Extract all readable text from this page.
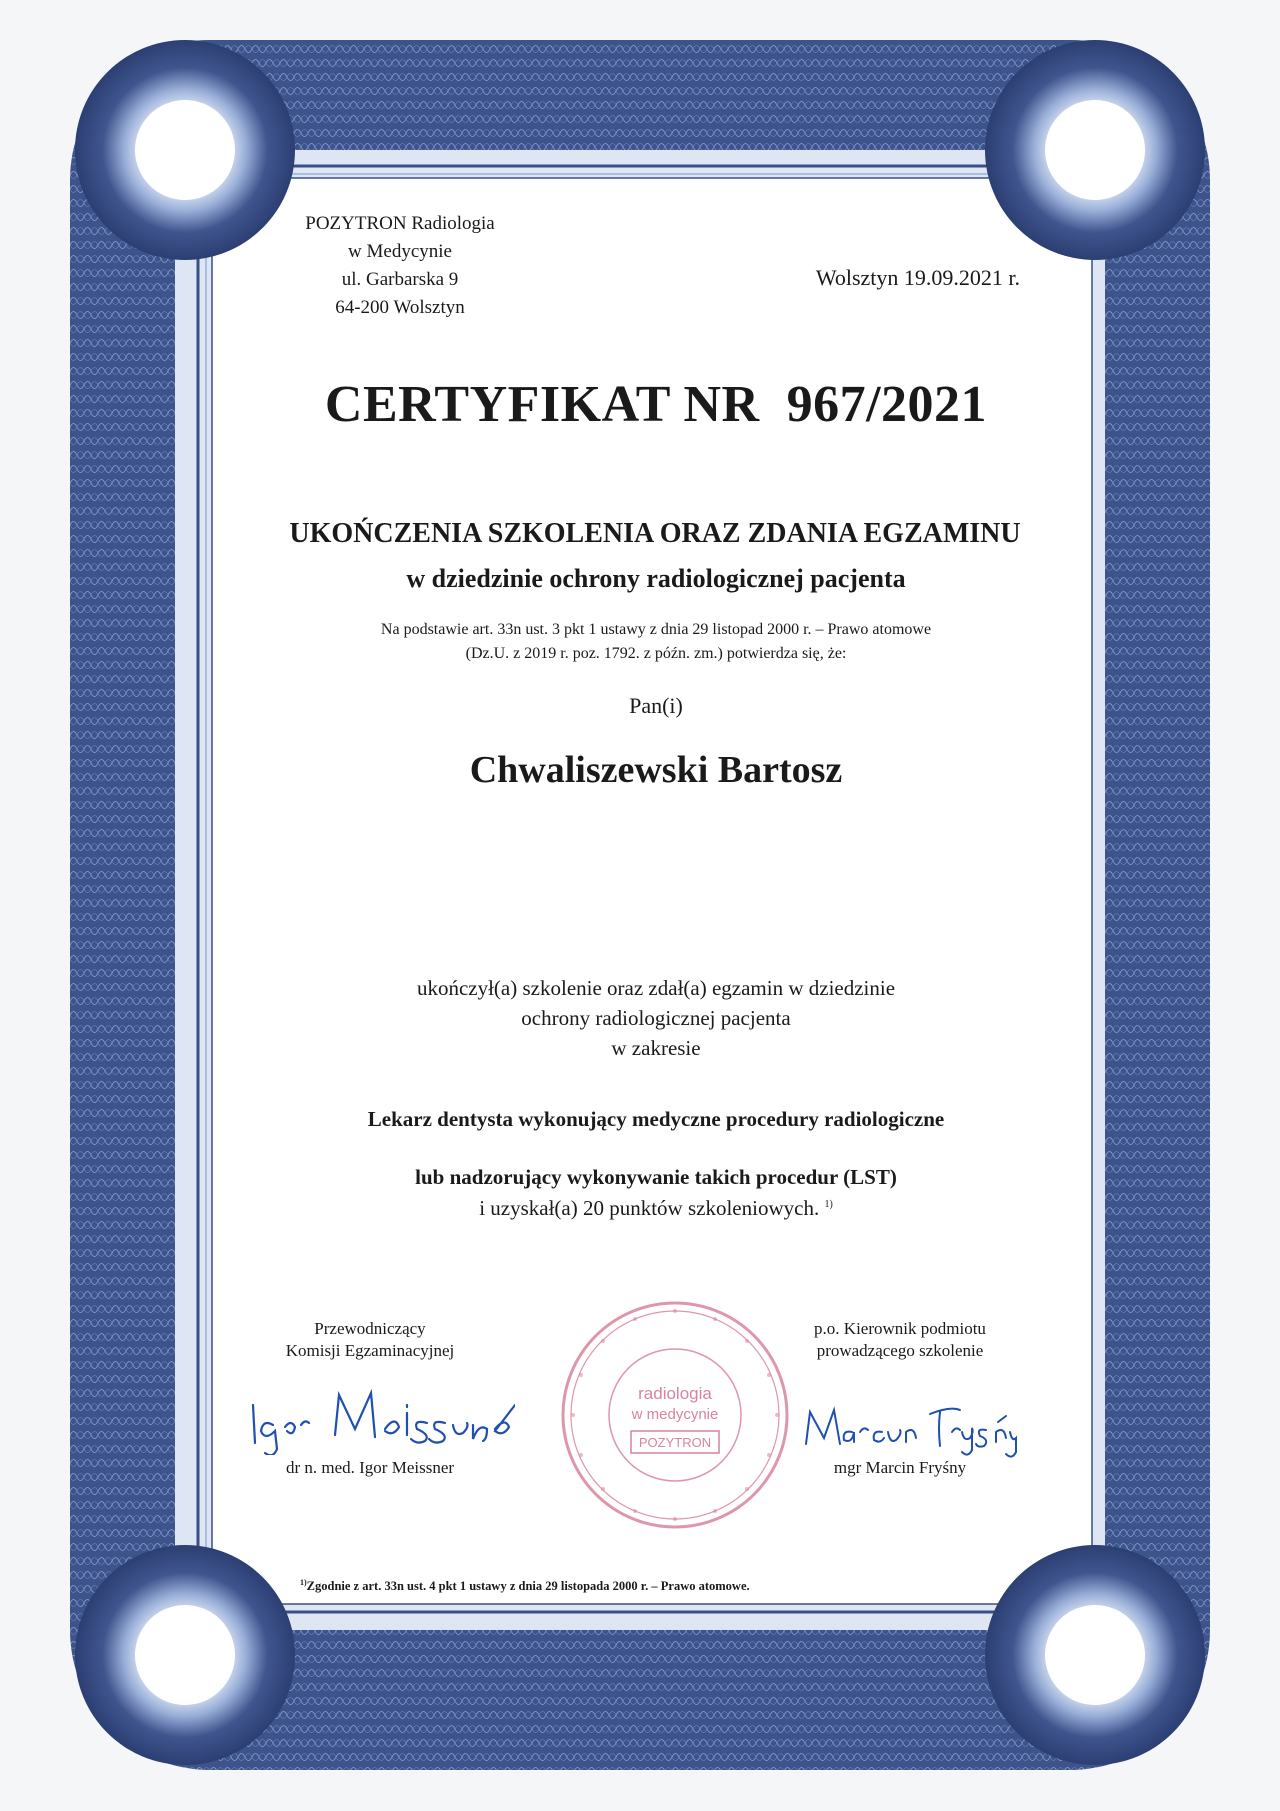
POZYTRON Radiologia
w Medycynie
ul. Garbarska 9
64-200 Wolsztyn
Wolsztyn 19.09.2021 r.
CERTYFIKAT NR  967/2021
UKOŃCZENIA SZKOLENIA ORAZ ZDANIA EGZAMINU
w dziedzinie ochrony radiologicznej pacjenta
Na podstawie art. 33n ust. 3 pkt 1 ustawy z dnia 29 listopad 2000 r. – Prawo atomowe
(Dz.U. z 2019 r. poz. 1792. z późn. zm.) potwierdza się, że:
Pan(i)
Chwaliszewski Bartosz
ukończył(a) szkolenie oraz zdał(a) egzamin w dziedzinie
ochrony radiologicznej pacjenta
w zakresie
Lekarz dentysta wykonujący medyczne procedury radiologiczne
lub nadzorujący wykonywanie takich procedur (LST)
i uzyskał(a) 20 punktów szkoleniowych. $^{1)}$
Przewodniczący
Komisji Egzaminacyjnej
p.o. Kierownik podmiotu
prowadzącego szkolenie
radiologia
w medycynie
POZYTRON
dr n. med. Igor Meissner	mgr Marcin Fryśny
$^{1)}$Zgodnie z art. 33n ust. 4 pkt 1 ustawy z dnia 29 listopada 2000 r. – Prawo atomowe.
